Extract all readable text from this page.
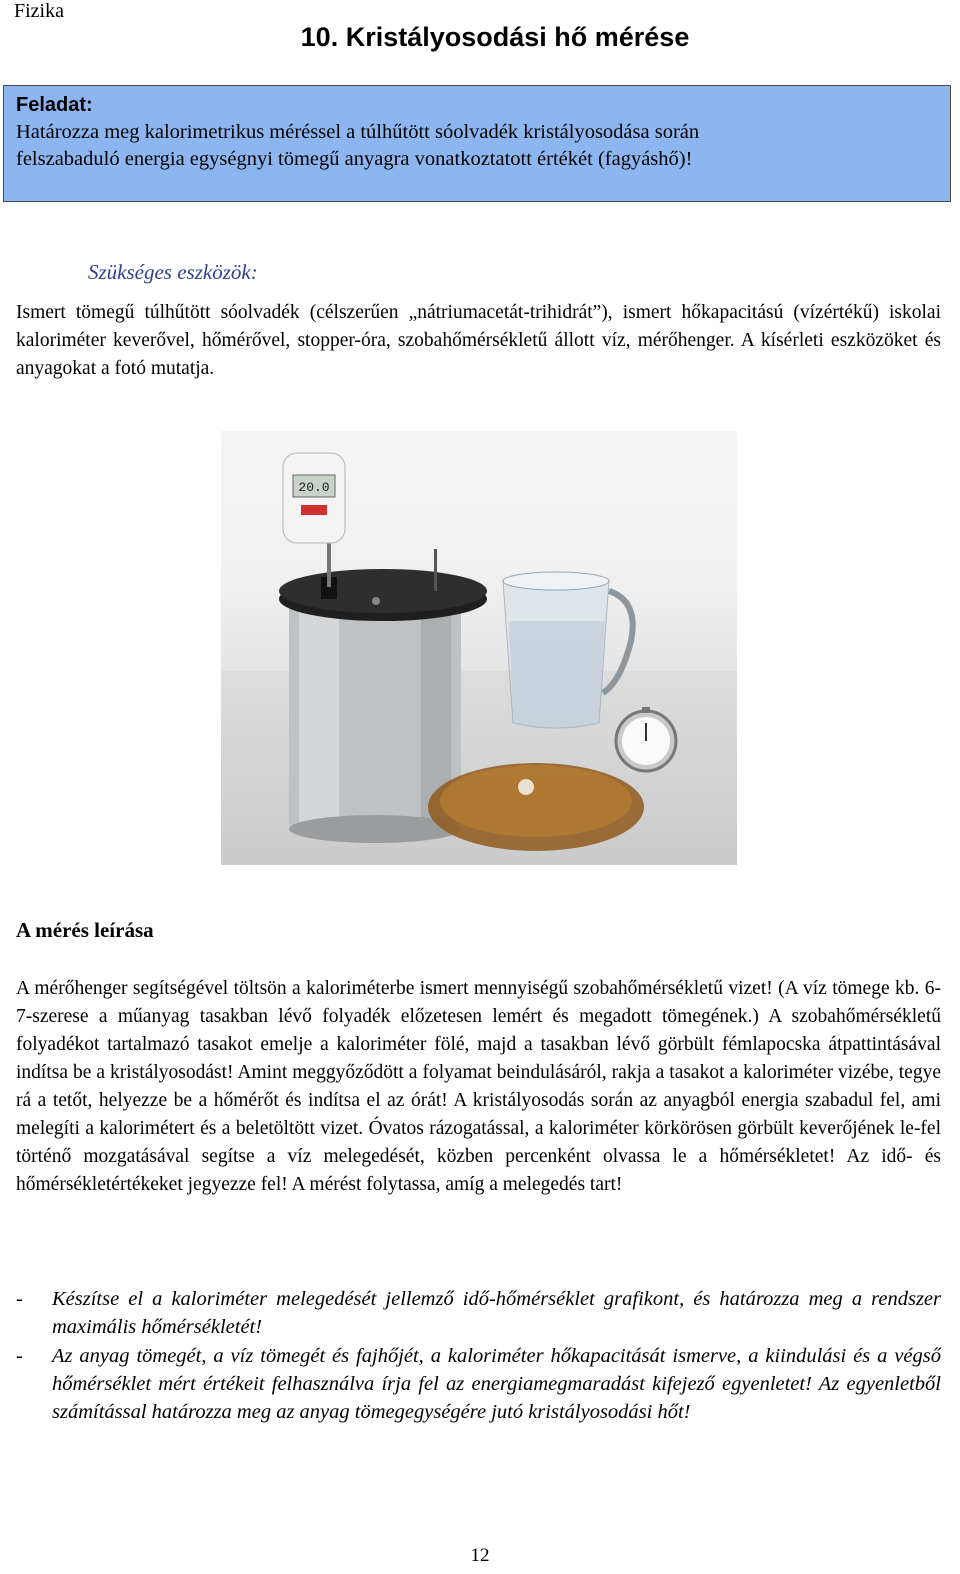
Fizika
10. Kristályosodási hő mérése
Feladat:
Határozza meg kalorimetrikus méréssel a túlhűtött sóolvadék kristályosodása során
felszabaduló energia egységnyi tömegű anyagra vonatkoztatott értékét (fagyáshő)!
Szükséges eszközök:
Ismert tömegű túlhűtött sóolvadék (célszerűen „nátriumacetát-trihidrát”), ismert hőkapacitású (vízértékű) iskolai kaloriméter keverővel, hőmérővel, stopper-óra, szobahőmérsékletű állott víz, mérőhenger. A kísérleti eszközöket és anyagokat a fotó mutatja.
20.0
A mérés leírása
A mérőhenger segítségével töltsön a kaloriméterbe ismert mennyiségű szobahőmérsékletű vizet! (A víz tömege kb. 6-7-szerese a műanyag tasakban lévő folyadék előzetesen lemért és megadott tömegének.) A szobahőmérsékletű folyadékot tartalmazó tasakot emelje a kaloriméter fölé, majd a tasakban lévő görbült fémlapocska átpattintásával indítsa be a kristályosodást! Amint meggyőződött a folyamat beindulásáról, rakja a tasakot a kaloriméter vizébe, tegye rá a tetőt, helyezze be a hőmérőt és indítsa el az órát! A kristályosodás során az anyagból energia szabadul fel, ami melegíti a kalorimétert és a beletöltött vizet. Óvatos rázogatással, a kaloriméter körkörösen görbült keverőjének le-fel történő mozgatásával segítse a víz melegedését, közben percenként olvassa le a hőmérsékletet! Az idő- és hőmérsékletértékeket jegyezze fel! A mérést folytassa, amíg a melegedés tart!
- Készítse el a kaloriméter melegedését jellemző idő-hőmérséklet grafikont, és határozza meg a rendszer maximális hőmérsékletét!
- Az anyag tömegét, a víz tömegét és fajhőjét, a kaloriméter hőkapacitását ismerve, a kiindulási és a végső hőmérséklet mért értékeit felhasználva írja fel az energiamegmaradást kifejező egyenletet! Az egyenletből számítással határozza meg az anyag tömegegységére jutó kristályosodási hőt!
12
